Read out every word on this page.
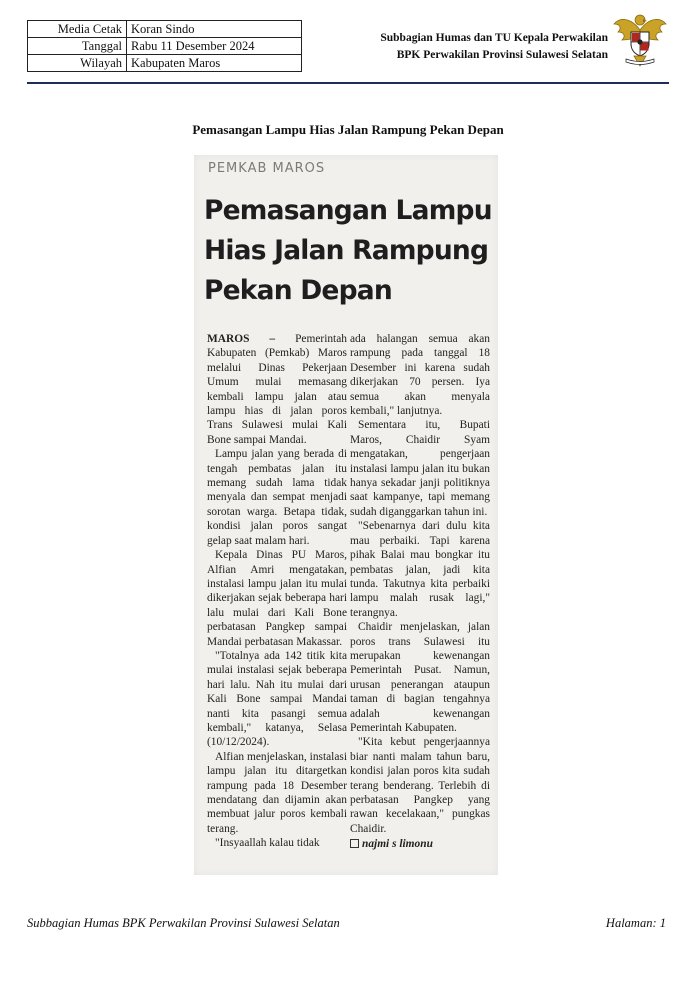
Media Cetak	Koran Sindo
Tanggal	Rabu 11 Desember 2024
Wilayah	Kabupaten Maros
Subbagian Humas dan TU Kepala Perwakilan
BPK Perwakilan Provinsi Sulawesi Selatan
Pemasangan Lampu Hias Jalan Rampung Pekan Depan
PEMKAB MAROS
Pemasangan Lampu Hias Jalan Rampung Pekan Depan

MAROS – Pemerintah Kabupaten (Pemkab) Maros melalui Dinas Pekerjaan Umum mulai memasang kembali lampu jalan atau lampu hias di jalan poros Trans Sulawesi mulai Kali Bone sampai Mandai.

Lampu jalan yang berada di tengah pembatas jalan itu memang sudah lama tidak menyala dan sempat menjadi sorotan warga. Betapa tidak, kondisi jalan poros sangat gelap saat malam hari.

Kepala Dinas PU Maros, Alfian Amri mengatakan, instalasi lampu jalan itu mulai dikerjakan sejak beberapa hari lalu mulai dari Kali Bone perbatasan Pangkep sampai Mandai perbatasan Makassar.

"Totalnya ada 142 titik kita mulai instalasi sejak beberapa hari lalu. Nah itu mulai dari Kali Bone sampai Mandai nanti kita pasangi semua kembali," katanya, Selasa (10/12/2024).

Alfian menjelaskan, instalasi lampu jalan itu ditargetkan rampung pada 18 Desember mendatang dan dijamin akan membuat jalur poros kembali terang.

"Insyaallah kalau tidak

ada halangan semua akan rampung pada tanggal 18 Desember ini karena sudah dikerjakan 70 persen. Iya semua akan menyala kembali," lanjutnya.

Sementara itu, Bupati Maros, Chaidir Syam mengatakan, pengerjaan instalasi lampu jalan itu bukan hanya sekadar janji politiknya saat kampanye, tapi memang sudah diganggarkan tahun ini.

"Sebenarnya dari dulu kita mau perbaiki. Tapi karena pihak Balai mau bongkar itu pembatas jalan, jadi kita tunda. Takutnya kita perbaiki lampu malah rusak lagi," terangnya.

Chaidir menjelaskan, jalan poros trans Sulawesi itu merupakan kewenangan Pemerintah Pusat. Namun, urusan penerangan ataupun taman di bagian tengahnya adalah kewenangan Pemerintah Kabupaten.

"Kita kebut pengerjaannya biar nanti malam tahun baru, kondisi jalan poros kita sudah terang benderang. Terlebih di perbatasan Pangkep yang rawan kecelakaan," pungkas Chaidir.

najmi s limonu
Subbagian Humas BPK Perwakilan Provinsi Sulawesi Selatan	Halaman: 1
